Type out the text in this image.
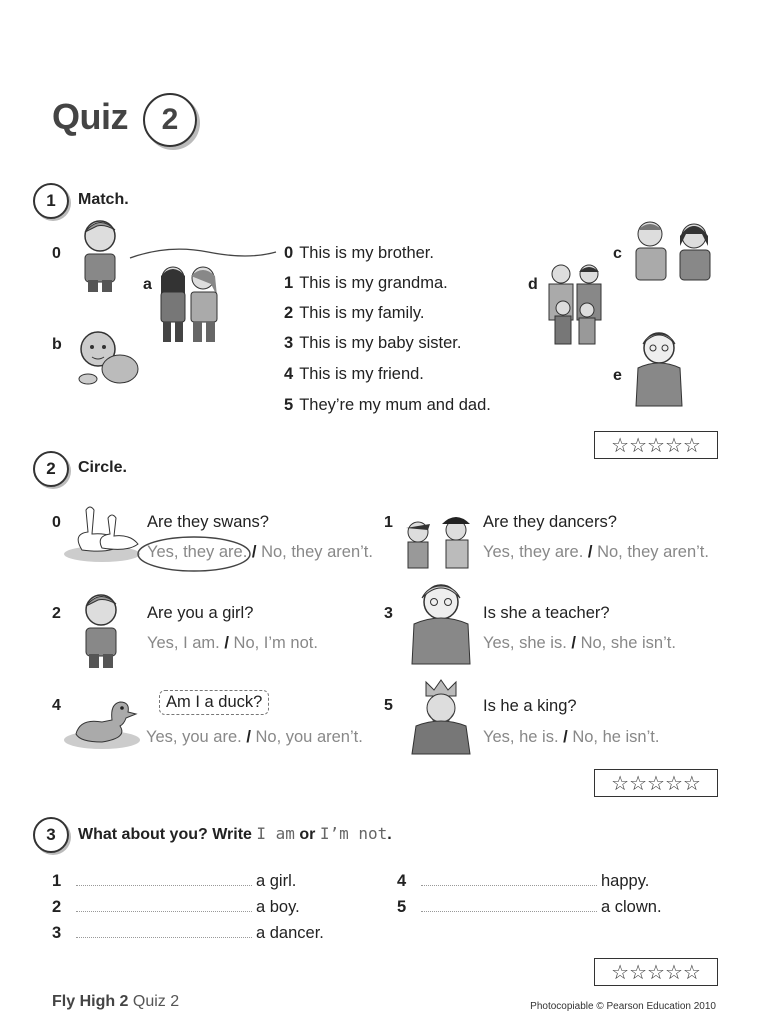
Quiz	2
1	Match.
0
a
b
c
d
e
0 This is my brother.
1 This is my grandma.
2 This is my family.
3 This is my baby sister.
4 This is my friend.
5 They’re my mum and dad.
☆☆☆☆☆
2	Circle.
0	Are they swans?
Yes, they are. / No, they aren’t.
1	Are they dancers?
Yes, they are. / No, they aren’t.
2	Are you a girl?
Yes, I am. / No, I’m not.
3	Is she a teacher?
Yes, she is. / No, she isn’t.
4	Am I a duck?
Yes, you are. / No, you aren’t.
5	Is he a king?
Yes, he is. / No, he isn’t.
☆☆☆☆☆
3	What about you? Write I am or I’m not.
1	a girl.
2	a boy.
3	a dancer.
4	happy.
5	a clown.
☆☆☆☆☆
Fly High 2 Quiz 2	Photocopiable © Pearson Education 2010
